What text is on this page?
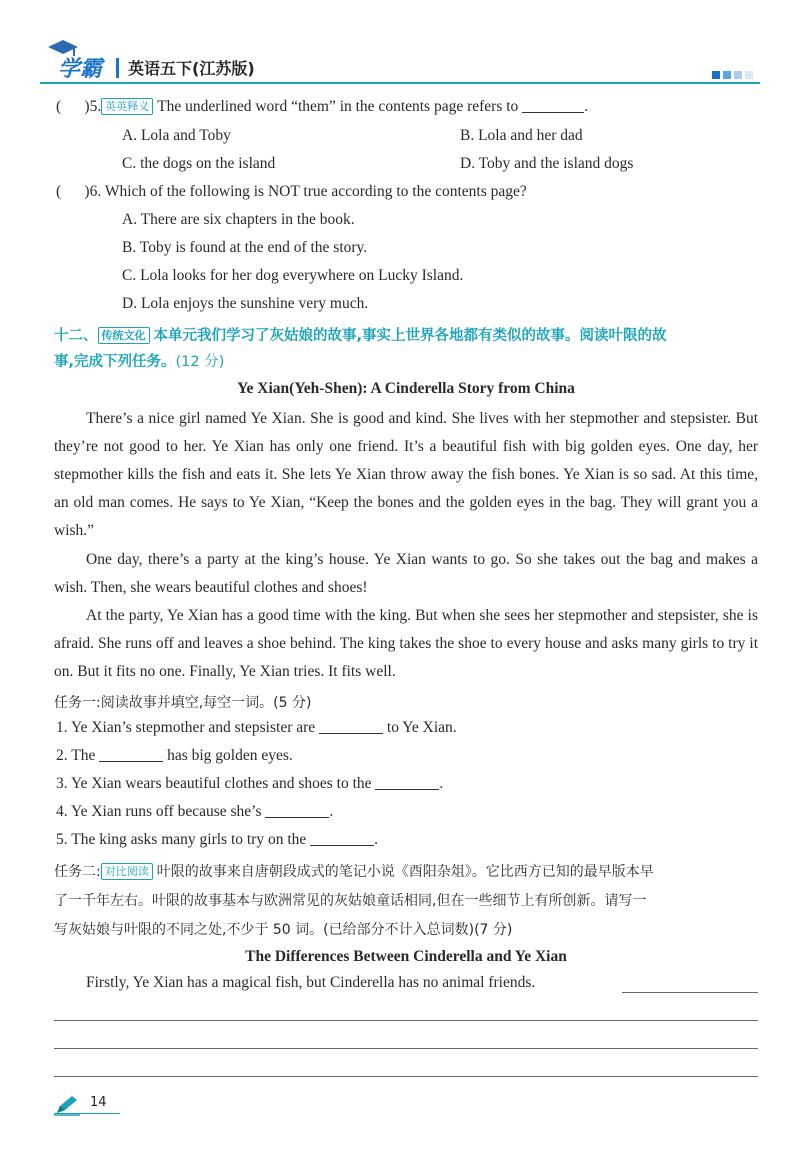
学霸 英语五下(江苏版)
(      )5. 英英释义 The underlined word “them” in the contents page refers to	.
A. Lola and Toby	B. Lola and her dad
C. the dogs on the island	D. Toby and the island dogs
(      )6. Which of the following is NOT true according to the contents page?
A. There are six chapters in the book.
B. Toby is found at the end of the story.
C. Lola looks for her dog everywhere on Lucky Island.
D. Lola enjoys the sunshine very much.
十二、 传统文化 本单元我们学习了灰姑娘的故事,事实上世界各地都有类似的故事。阅读叶限的故
事,完成下列任务。(12 分)
Ye Xian(Yeh-Shen): A Cinderella Story from China
There’s a nice girl named Ye Xian. She is good and kind. She lives with her stepmother and stepsister. But they’re not good to her. Ye Xian has only one friend. It’s a beautiful fish with big golden eyes. One day, her stepmother kills the fish and eats it. She lets Ye Xian throw away the fish bones. Ye Xian is so sad. At this time, an old man comes. He says to Ye Xian, “Keep the bones and the golden eyes in the bag. They will grant you a wish.”
One day, there’s a party at the king’s house. Ye Xian wants to go. So she takes out the bag and makes a wish. Then, she wears beautiful clothes and shoes!
At the party, Ye Xian has a good time with the king. But when she sees her stepmother and stepsister, she is afraid. She runs off and leaves a shoe behind. The king takes the shoe to every house and asks many girls to try it on. But it fits no one. Finally, Ye Xian tries. It fits well.
任务一:阅读故事并填空,每空一词。(5 分)
1. Ye Xian’s stepmother and stepsister are	to Ye Xian.
2. The	has big golden eyes.
3. Ye Xian wears beautiful clothes and shoes to the	.
4. Ye Xian runs off because she’s	.
5. The king asks many girls to try on the	.
任务二: 对比阅读 叶限的故事来自唐朝段成式的笔记小说《酉阳杂俎》。它比西方已知的最早版本早
了一千年左右。叶限的故事基本与欧洲常见的灰姑娘童话相同,但在一些细节上有所创新。请写一
写灰姑娘与叶限的不同之处,不少于 50 词。(已给部分不计入总词数)(7 分)
The Differences Between Cinderella and Ye Xian
Firstly, Ye Xian has a magical fish, but Cinderella has no animal friends.
14
